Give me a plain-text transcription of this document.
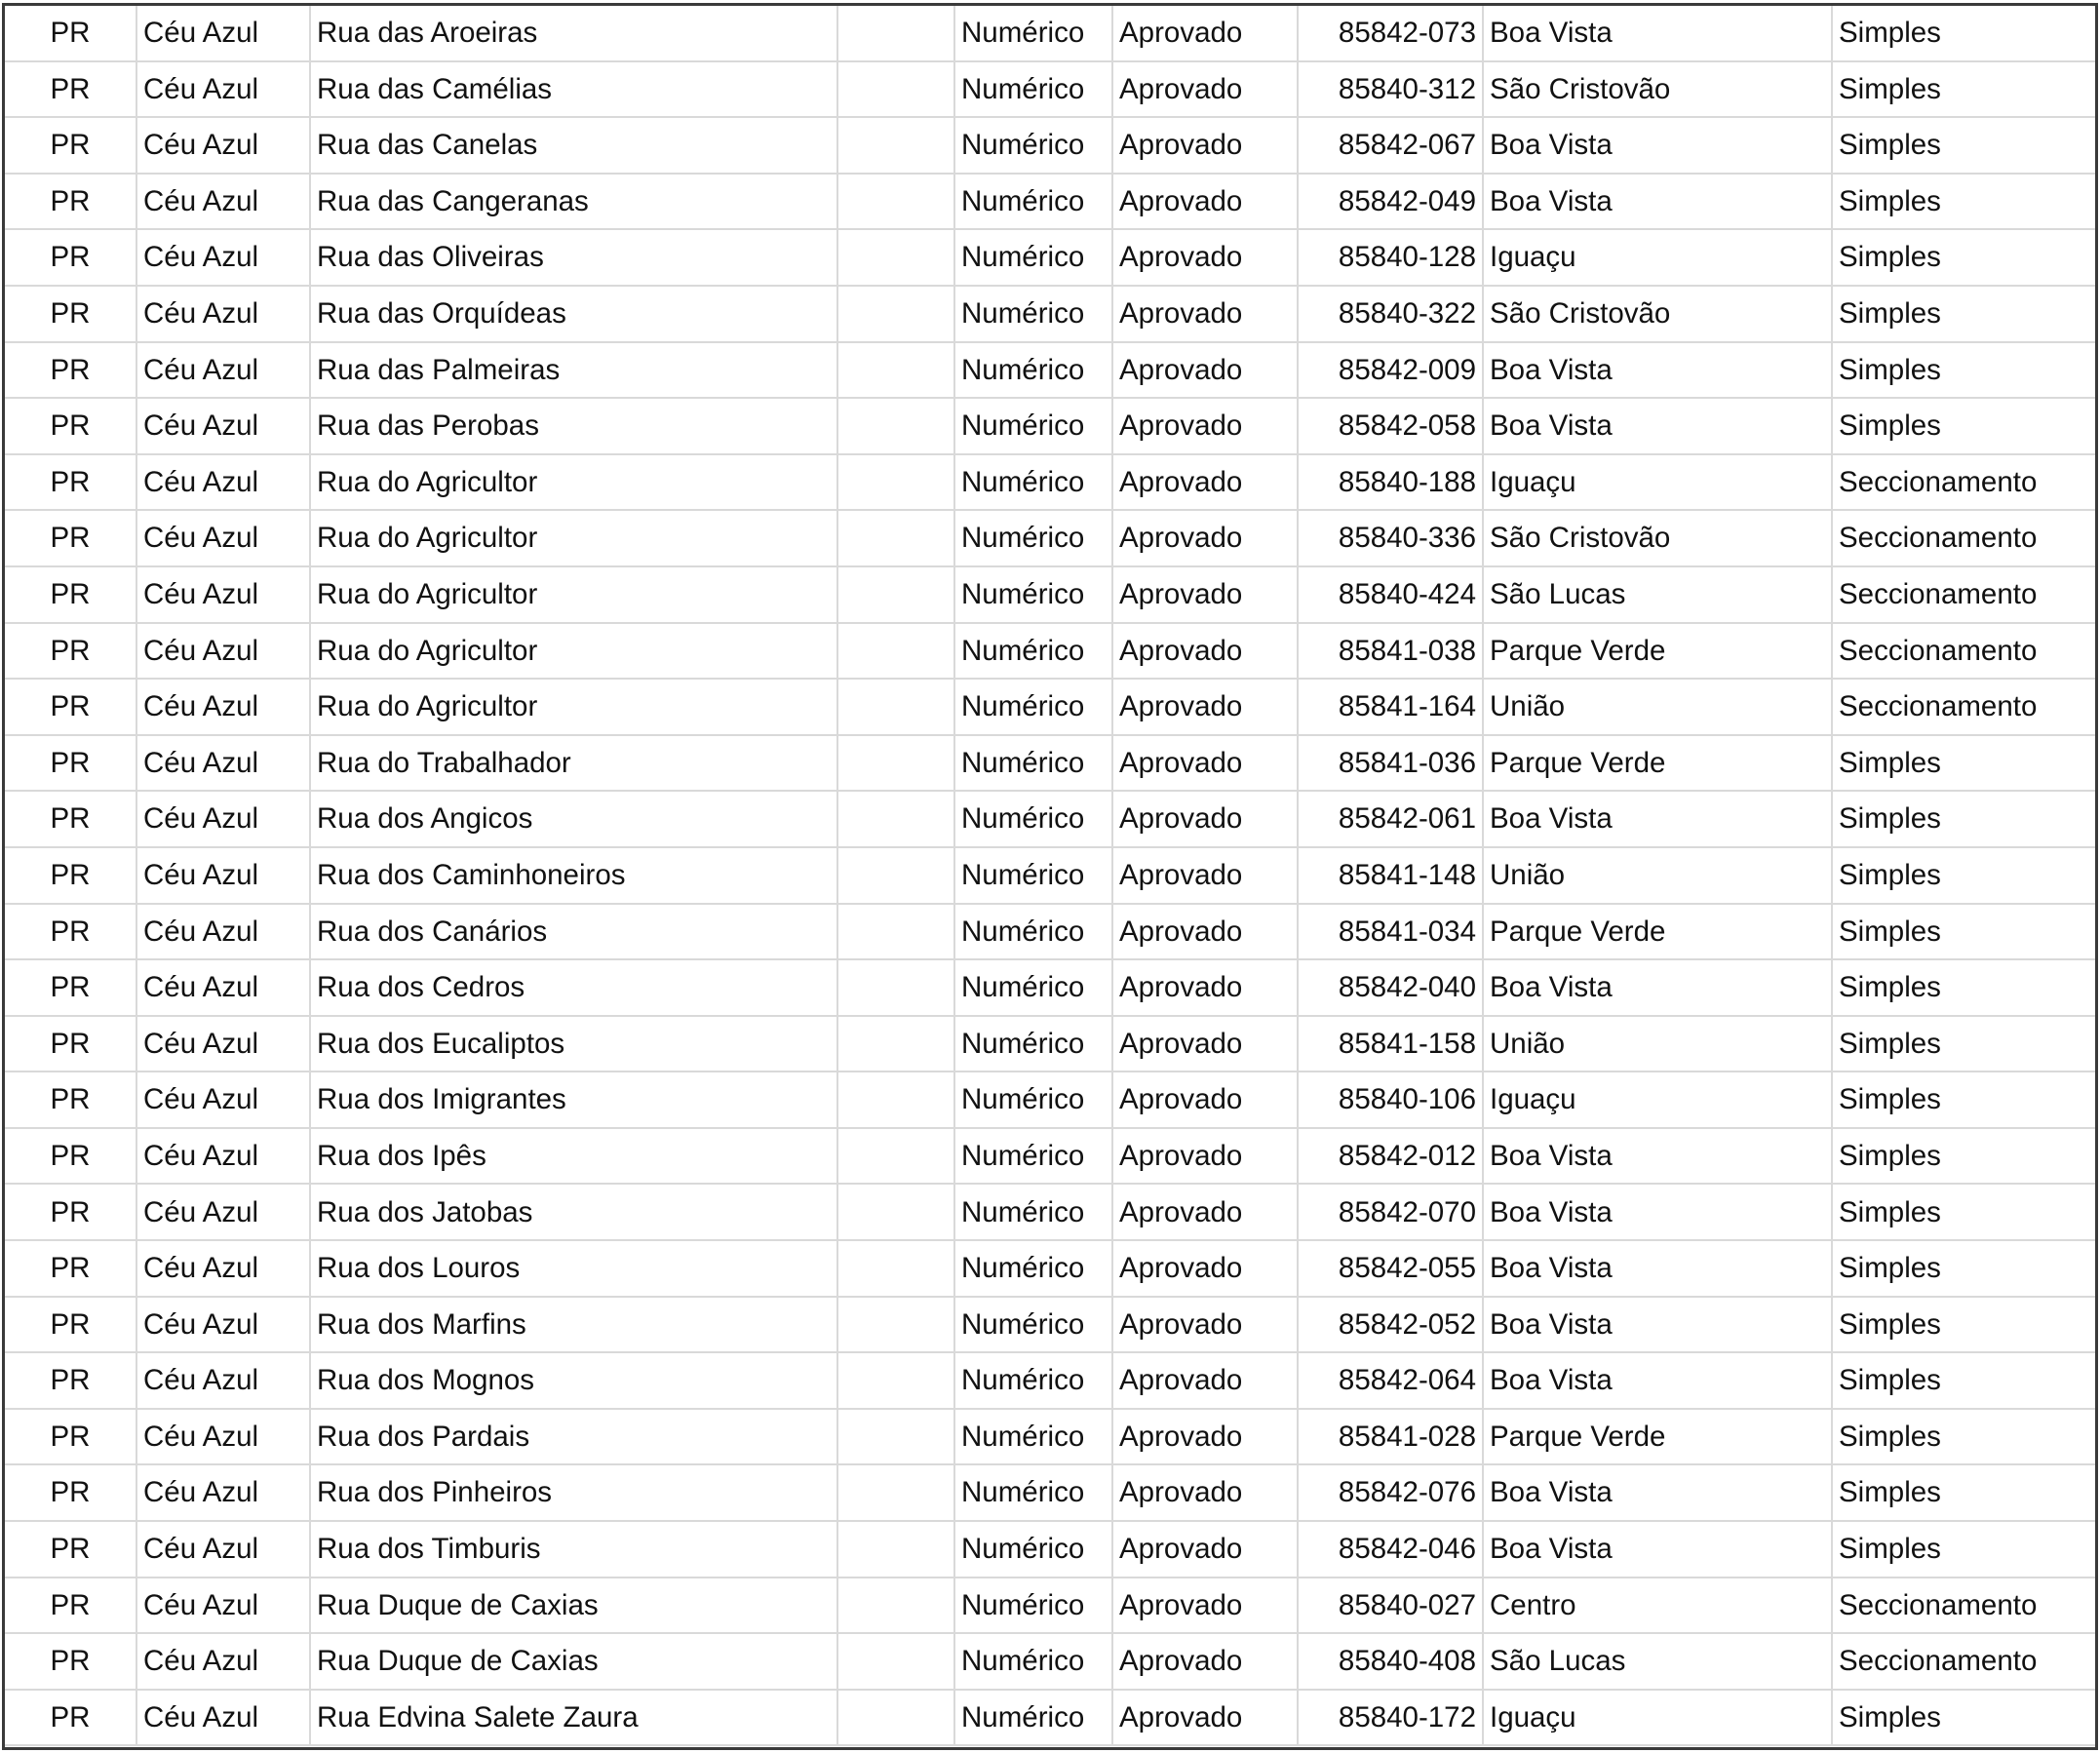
PR	Céu Azul	Rua das Aroeiras		Numérico	Aprovado	85842-073	Boa Vista	Simples
PR	Céu Azul	Rua das Camélias		Numérico	Aprovado	85840-312	São Cristovão	Simples
PR	Céu Azul	Rua das Canelas		Numérico	Aprovado	85842-067	Boa Vista	Simples
PR	Céu Azul	Rua das Cangeranas		Numérico	Aprovado	85842-049	Boa Vista	Simples
PR	Céu Azul	Rua das Oliveiras		Numérico	Aprovado	85840-128	Iguaçu	Simples
PR	Céu Azul	Rua das Orquídeas		Numérico	Aprovado	85840-322	São Cristovão	Simples
PR	Céu Azul	Rua das Palmeiras		Numérico	Aprovado	85842-009	Boa Vista	Simples
PR	Céu Azul	Rua das Perobas		Numérico	Aprovado	85842-058	Boa Vista	Simples
PR	Céu Azul	Rua do Agricultor		Numérico	Aprovado	85840-188	Iguaçu	Seccionamento
PR	Céu Azul	Rua do Agricultor		Numérico	Aprovado	85840-336	São Cristovão	Seccionamento
PR	Céu Azul	Rua do Agricultor		Numérico	Aprovado	85840-424	São Lucas	Seccionamento
PR	Céu Azul	Rua do Agricultor		Numérico	Aprovado	85841-038	Parque Verde	Seccionamento
PR	Céu Azul	Rua do Agricultor		Numérico	Aprovado	85841-164	União	Seccionamento
PR	Céu Azul	Rua do Trabalhador		Numérico	Aprovado	85841-036	Parque Verde	Simples
PR	Céu Azul	Rua dos Angicos		Numérico	Aprovado	85842-061	Boa Vista	Simples
PR	Céu Azul	Rua dos Caminhoneiros		Numérico	Aprovado	85841-148	União	Simples
PR	Céu Azul	Rua dos Canários		Numérico	Aprovado	85841-034	Parque Verde	Simples
PR	Céu Azul	Rua dos Cedros		Numérico	Aprovado	85842-040	Boa Vista	Simples
PR	Céu Azul	Rua dos Eucaliptos		Numérico	Aprovado	85841-158	União	Simples
PR	Céu Azul	Rua dos Imigrantes		Numérico	Aprovado	85840-106	Iguaçu	Simples
PR	Céu Azul	Rua dos Ipês		Numérico	Aprovado	85842-012	Boa Vista	Simples
PR	Céu Azul	Rua dos Jatobas		Numérico	Aprovado	85842-070	Boa Vista	Simples
PR	Céu Azul	Rua dos Louros		Numérico	Aprovado	85842-055	Boa Vista	Simples
PR	Céu Azul	Rua dos Marfins		Numérico	Aprovado	85842-052	Boa Vista	Simples
PR	Céu Azul	Rua dos Mognos		Numérico	Aprovado	85842-064	Boa Vista	Simples
PR	Céu Azul	Rua dos Pardais		Numérico	Aprovado	85841-028	Parque Verde	Simples
PR	Céu Azul	Rua dos Pinheiros		Numérico	Aprovado	85842-076	Boa Vista	Simples
PR	Céu Azul	Rua dos Timburis		Numérico	Aprovado	85842-046	Boa Vista	Simples
PR	Céu Azul	Rua Duque de Caxias		Numérico	Aprovado	85840-027	Centro	Seccionamento
PR	Céu Azul	Rua Duque de Caxias		Numérico	Aprovado	85840-408	São Lucas	Seccionamento
PR	Céu Azul	Rua Edvina Salete Zaura		Numérico	Aprovado	85840-172	Iguaçu	Simples
